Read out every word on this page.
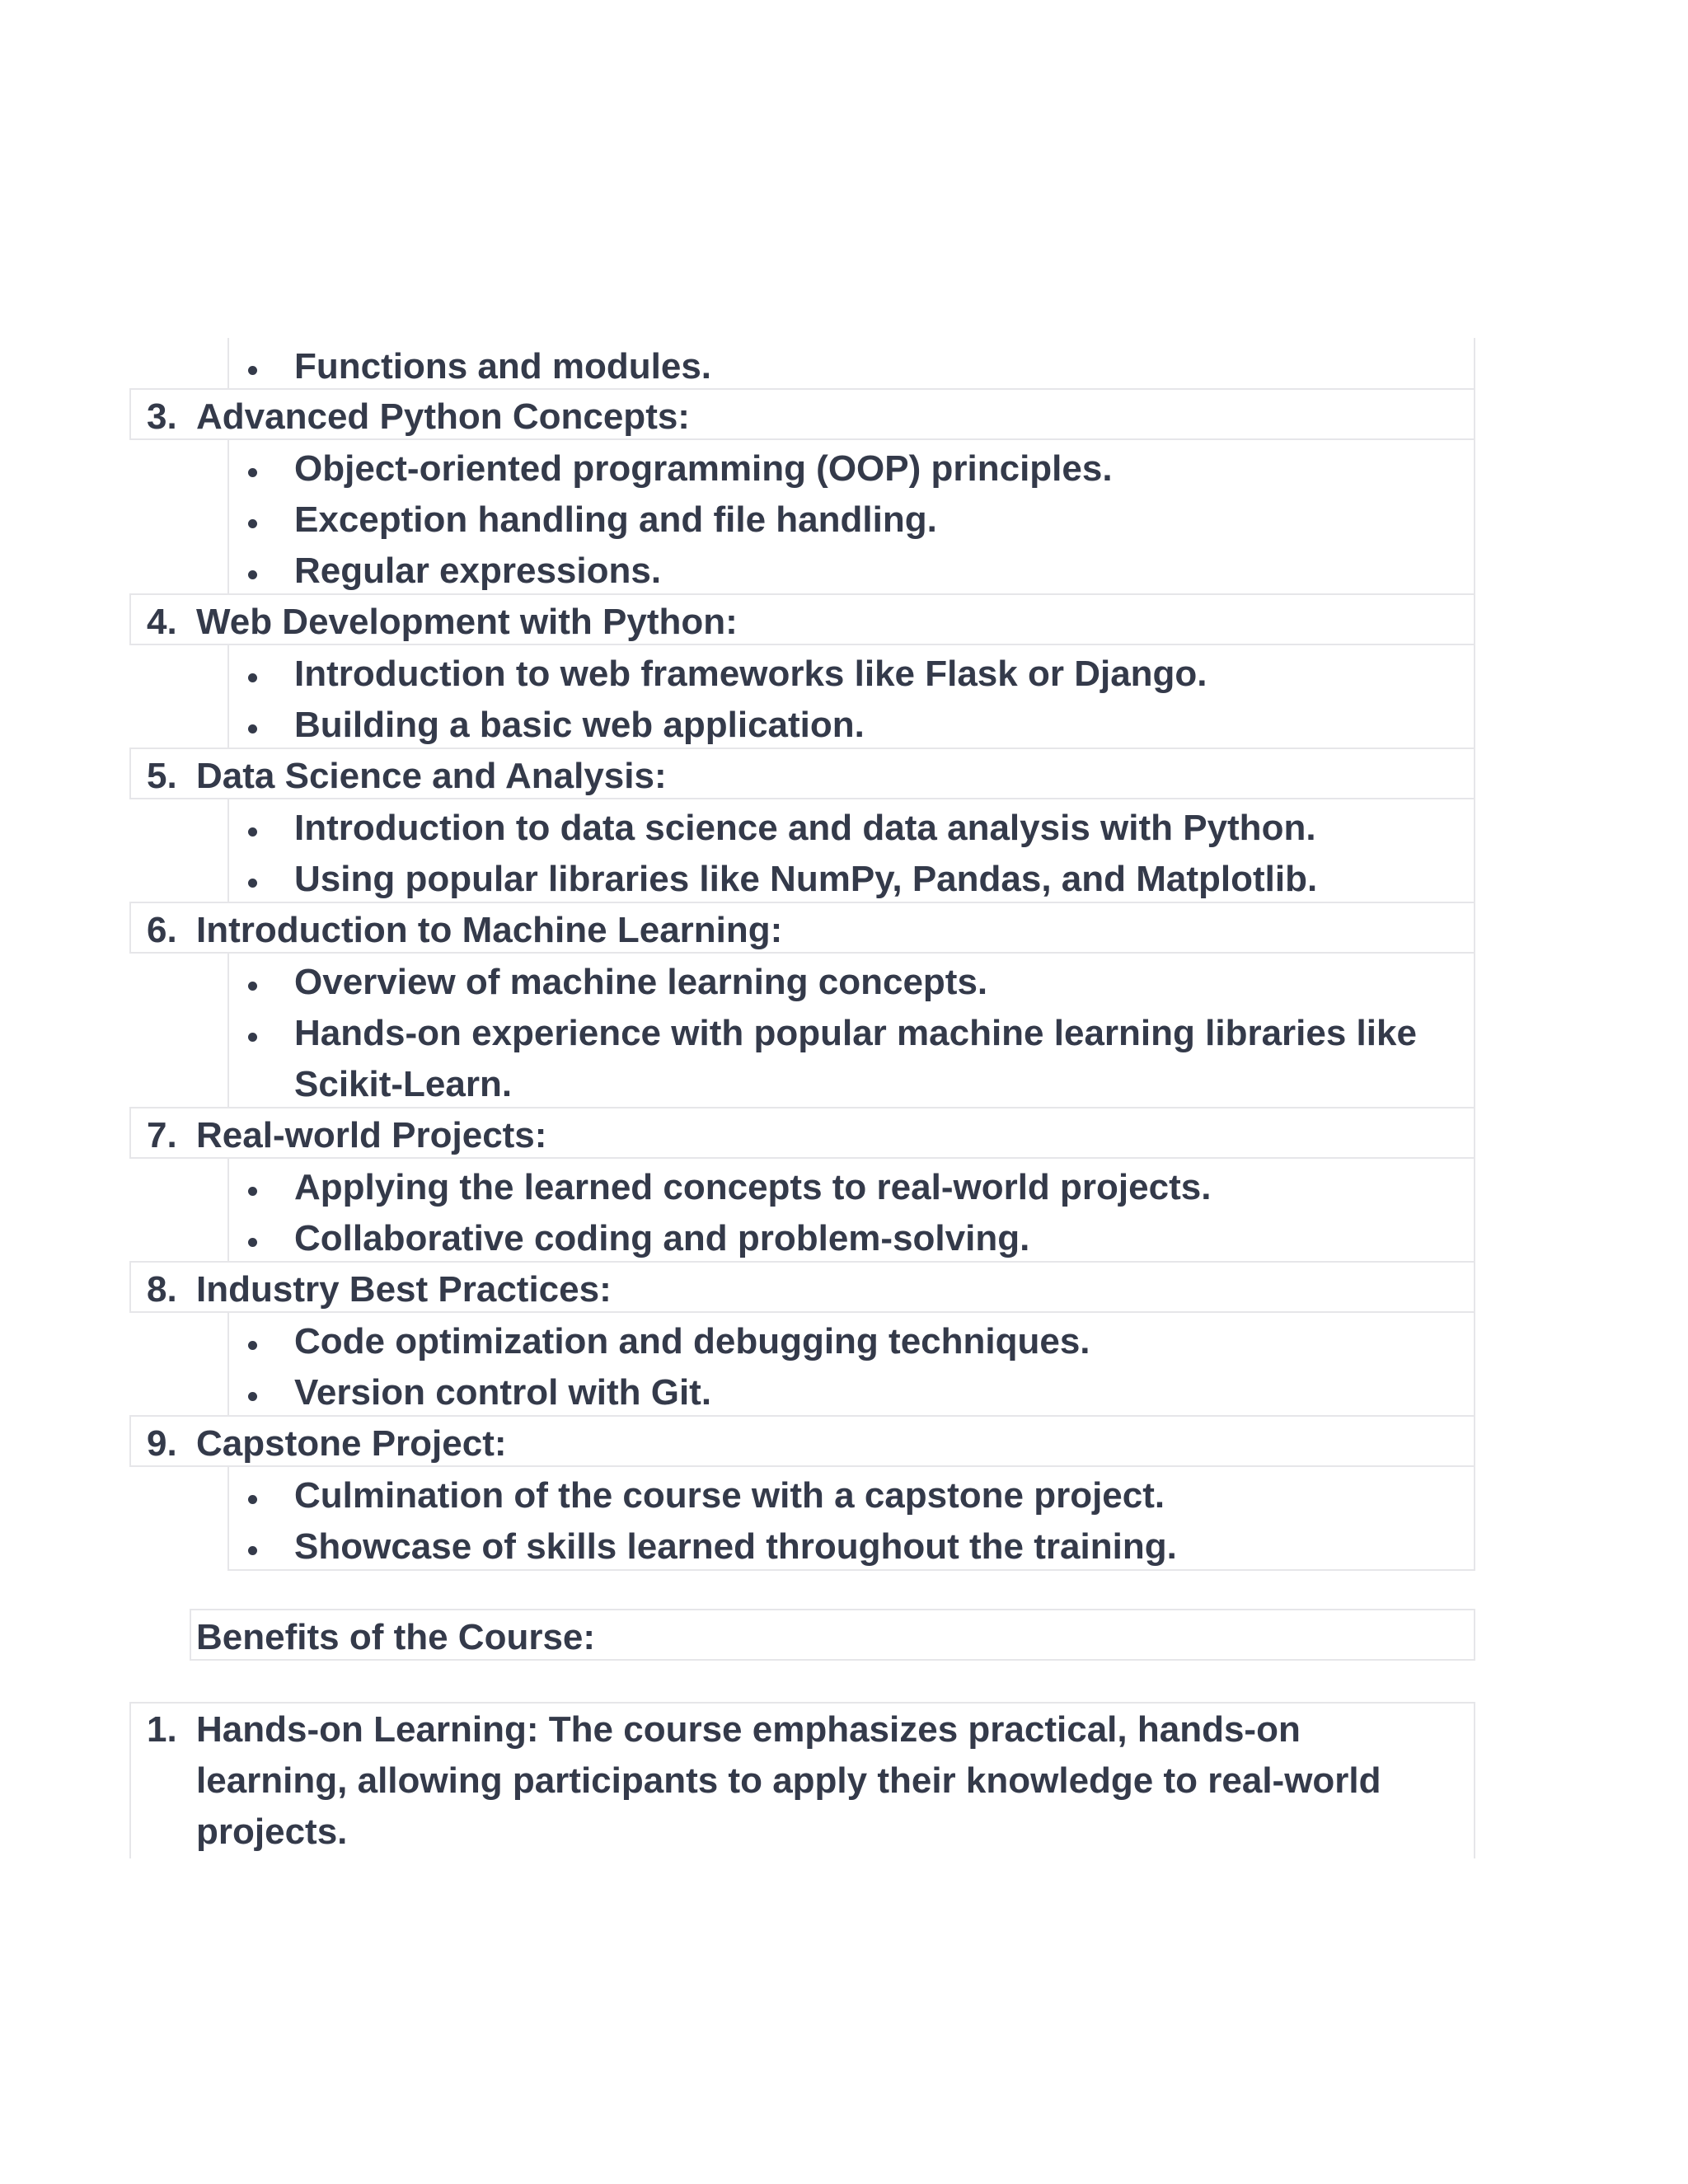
Functions and modules.
3. Advanced Python Concepts:
Object-oriented programming (OOP) principles.
Exception handling and file handling.
Regular expressions.
4. Web Development with Python:
Introduction to web frameworks like Flask or Django.
Building a basic web application.
5. Data Science and Analysis:
Introduction to data science and data analysis with Python.
Using popular libraries like NumPy, Pandas, and Matplotlib.
6. Introduction to Machine Learning:
Overview of machine learning concepts.
Hands-on experience with popular machine learning libraries like Scikit-Learn.
7. Real-world Projects:
Applying the learned concepts to real-world projects.
Collaborative coding and problem-solving.
8. Industry Best Practices:
Code optimization and debugging techniques.
Version control with Git.
9. Capstone Project:
Culmination of the course with a capstone project.
Showcase of skills learned throughout the training.
Benefits of the Course:
1. Hands-on Learning: The course emphasizes practical, hands-on learning, allowing participants to apply their knowledge to real-world projects.
